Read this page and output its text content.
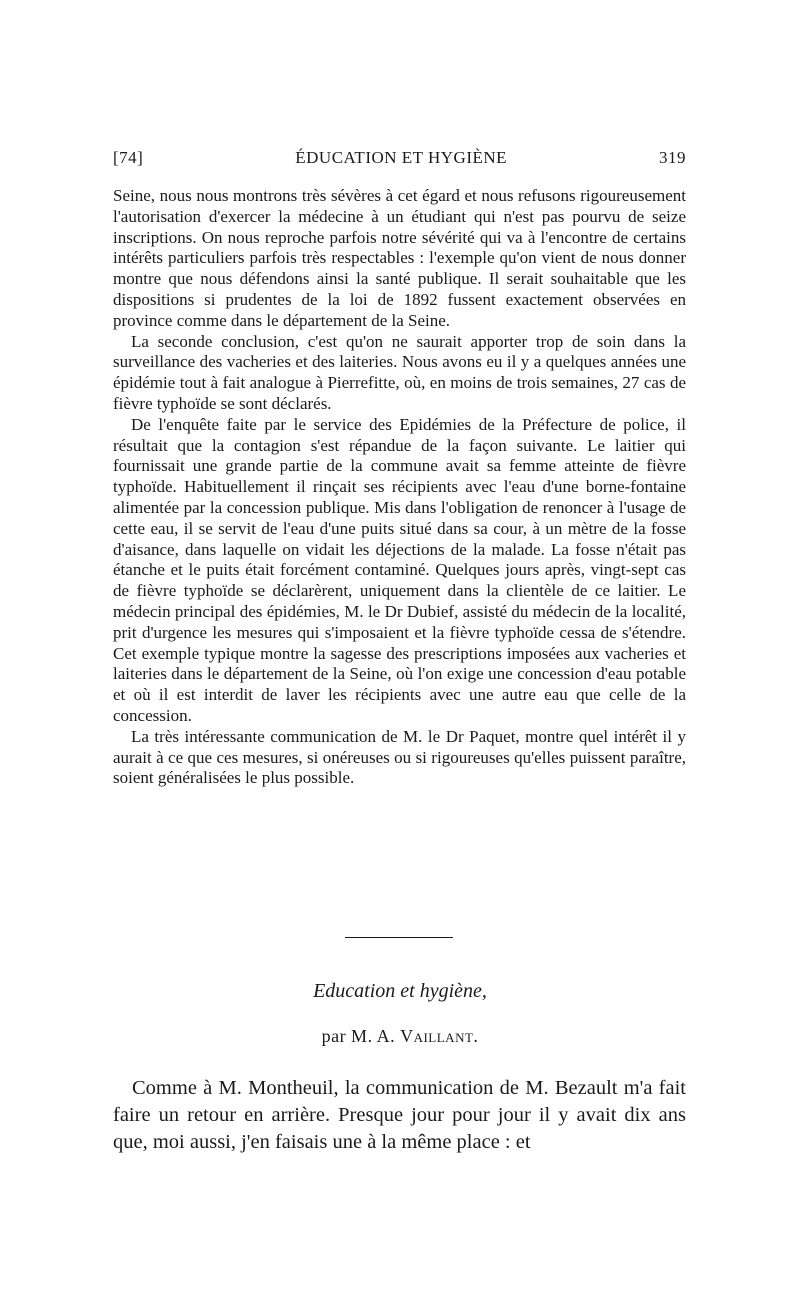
[74]	ÉDUCATION ET HYGIÈNE	319

Seine, nous nous montrons très sévères à cet égard et nous refusons rigoureusement l'autorisation d'exercer la médecine à un étudiant qui n'est pas pourvu de seize inscriptions. On nous reproche parfois notre sévérité qui va à l'encontre de certains intérêts particuliers parfois très respectables : l'exemple qu'on vient de nous donner montre que nous défendons ainsi la santé publique. Il serait souhaitable que les dispositions si prudentes de la loi de 1892 fussent exactement observées en province comme dans le département de la Seine.

La seconde conclusion, c'est qu'on ne saurait apporter trop de soin dans la surveillance des vacheries et des laiteries. Nous avons eu il y a quelques années une épidémie tout à fait analogue à Pierrefitte, où, en moins de trois semaines, 27 cas de fièvre typhoïde se sont déclarés.

De l'enquête faite par le service des Epidémies de la Préfecture de police, il résultait que la contagion s'est répandue de la façon suivante. Le laitier qui fournissait une grande partie de la commune avait sa femme atteinte de fièvre typhoïde. Habituellement il rinçait ses récipients avec l'eau d'une borne-fontaine alimentée par la concession publique. Mis dans l'obligation de renoncer à l'usage de cette eau, il se servit de l'eau d'une puits situé dans sa cour, à un mètre de la fosse d'aisance, dans laquelle on vidait les déjections de la malade. La fosse n'était pas étanche et le puits était forcément contaminé. Quelques jours après, vingt-sept cas de fièvre typhoïde se déclarèrent, uniquement dans la clientèle de ce laitier. Le médecin principal des épidémies, M. le Dr Dubief, assisté du médecin de la localité, prit d'urgence les mesures qui s'imposaient et la fièvre typhoïde cessa de s'étendre. Cet exemple typique montre la sagesse des prescriptions imposées aux vacheries et laiteries dans le département de la Seine, où l'on exige une concession d'eau potable et où il est interdit de laver les récipients avec une autre eau que celle de la concession.

La très intéressante communication de M. le Dr Paquet, montre quel intérêt il y aurait à ce que ces mesures, si onéreuses ou si rigoureuses qu'elles puissent paraître, soient généralisées le plus possible.

Education et hygiène,
par M. A. Vaillant.

Comme à M. Montheuil, la communication de M. Bezault m'a fait faire un retour en arrière. Presque jour pour jour il y avait dix ans que, moi aussi, j'en faisais une à la même place : et
